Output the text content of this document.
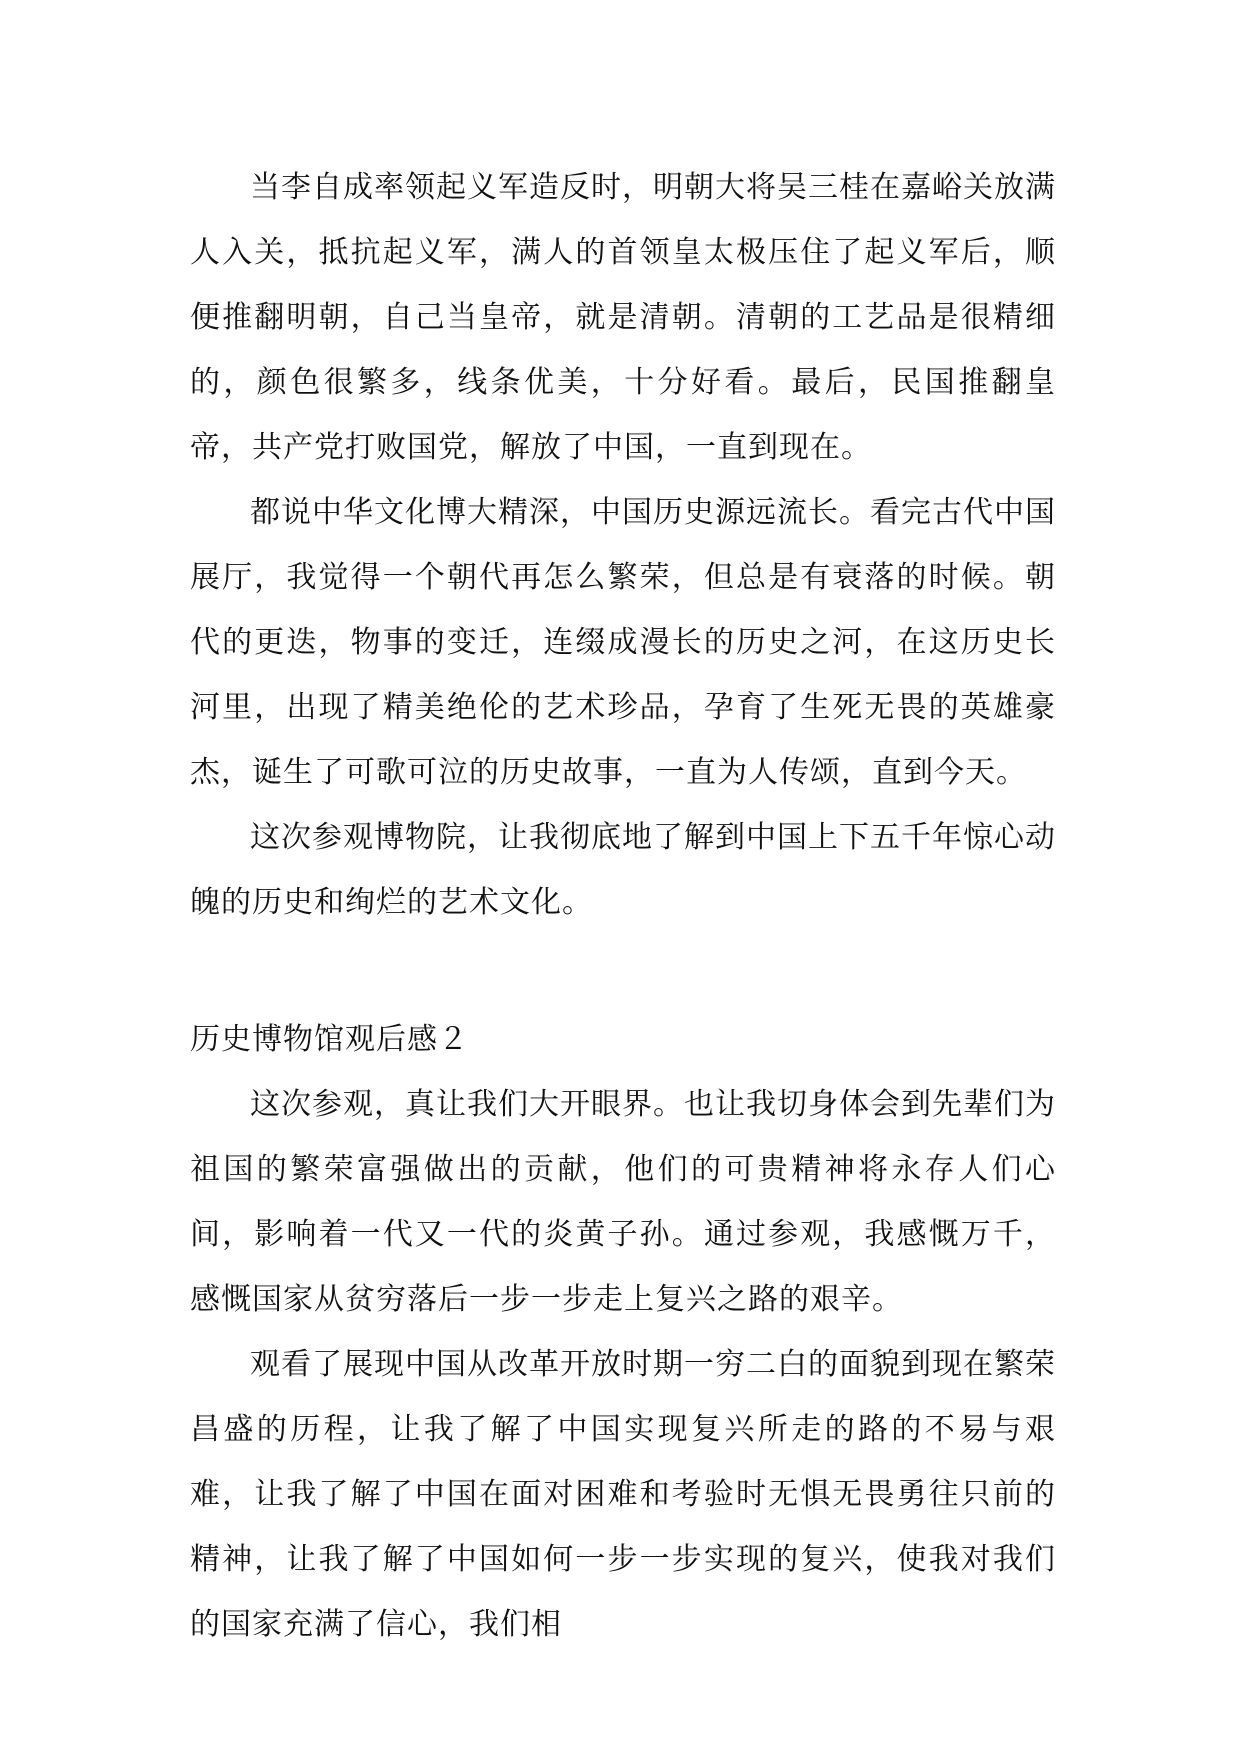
当李自成率领起义军造反时，明朝大将吴三桂在嘉峪关放满人入关，抵抗起义军，满人的首领皇太极压住了起义军后，顺便推翻明朝，自己当皇帝，就是清朝。清朝的工艺品是很精细的，颜色很繁多，线条优美，十分好看。最后，民国推翻皇帝，共产党打败国党，解放了中国，一直到现在。

都说中华文化博大精深，中国历史源远流长。看完古代中国展厅，我觉得一个朝代再怎么繁荣，但总是有衰落的时候。朝代的更迭，物事的变迁，连缀成漫长的历史之河，在这历史长河里，出现了精美绝伦的艺术珍品，孕育了生死无畏的英雄豪杰，诞生了可歌可泣的历史故事，一直为人传颂，直到今天。

这次参观博物院，让我彻底地了解到中国上下五千年惊心动魄的历史和绚烂的艺术文化。

历史博物馆观后感２

这次参观，真让我们大开眼界。也让我切身体会到先辈们为祖国的繁荣富强做出的贡献，他们的可贵精神将永存人们心间，影响着一代又一代的炎黄子孙。通过参观，我感慨万千，感慨国家从贫穷落后一步一步走上复兴之路的艰辛。

观看了展现中国从改革开放时期一穷二白的面貌到现在繁荣昌盛的历程，让我了解了中国实现复兴所走的路的不易与艰难，让我了解了中国在面对困难和考验时无惧无畏勇往只前的精神，让我了解了中国如何一步一步实现的复兴，使我对我们的国家充满了信心，我们相
